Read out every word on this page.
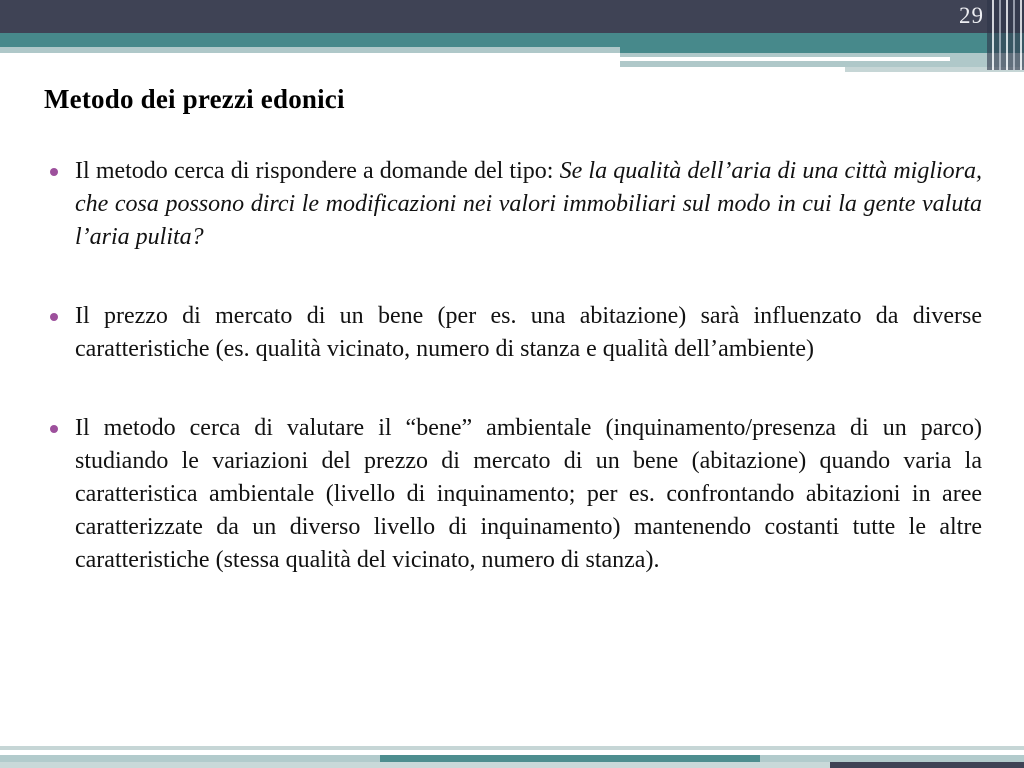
29
Metodo dei prezzi edonici
Il metodo cerca di rispondere a domande del tipo: Se la qualità dell’aria di una città migliora, che cosa possono dirci le modificazioni nei valori immobiliari sul modo in cui la gente valuta l’aria pulita?
Il prezzo di mercato di un bene (per es. una abitazione) sarà influenzato da diverse caratteristiche (es. qualità vicinato, numero di stanza e qualità dell’ambiente)
Il metodo cerca di valutare il “bene” ambientale (inquinamento/presenza di un parco) studiando le variazioni del prezzo di mercato di un bene (abitazione) quando varia la caratteristica ambientale (livello di inquinamento; per es. confrontando abitazioni in aree caratterizzate da un diverso livello di inquinamento) mantenendo costanti tutte le altre caratteristiche (stessa qualità del vicinato, numero di stanza).
